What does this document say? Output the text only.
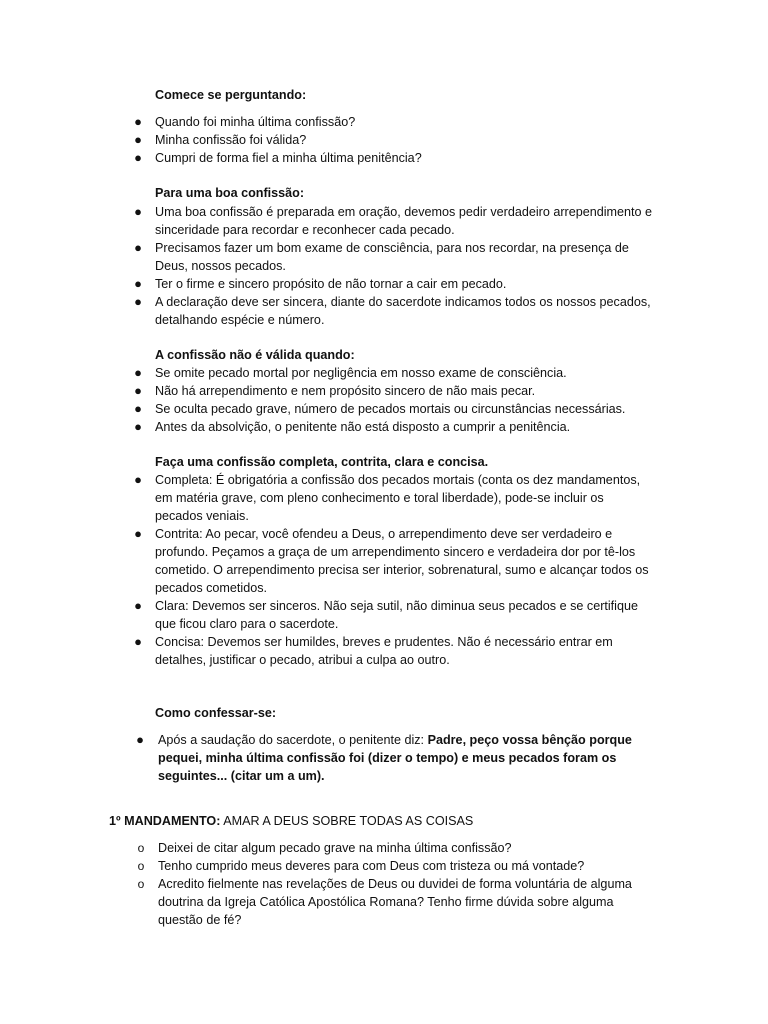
Comece se perguntando:
● Quando foi minha última confissão?
● Minha confissão foi válida?
● Cumpri de forma fiel a minha última penitência?
Para uma boa confissão:
● Uma boa confissão é preparada em oração, devemos pedir verdadeiro arrependimento e sinceridade para recordar e reconhecer cada pecado.
● Precisamos fazer um bom exame de consciência, para nos recordar, na presença de Deus, nossos pecados.
● Ter o firme e sincero propósito de não tornar a cair em pecado.
● A declaração deve ser sincera, diante do sacerdote indicamos todos os nossos pecados, detalhando espécie e número.
A confissão não é válida quando:
● Se omite pecado mortal por negligência em nosso exame de consciência.
● Não há arrependimento e nem propósito sincero de não mais pecar.
● Se oculta pecado grave, número de pecados mortais ou circunstâncias necessárias.
● Antes da absolvição, o penitente não está disposto a cumprir a penitência.
Faça uma confissão completa, contrita, clara e concisa.
● Completa: É obrigatória a confissão dos pecados mortais (conta os dez mandamentos, em matéria grave, com pleno conhecimento e toral liberdade), pode-se incluir os pecados veniais.
● Contrita: Ao pecar, você ofendeu a Deus, o arrependimento deve ser verdadeiro e profundo. Peçamos a graça de um arrependimento sincero e verdadeira dor por tê-los cometido. O arrependimento precisa ser interior, sobrenatural, sumo e alcançar todos os pecados cometidos.
● Clara: Devemos ser sinceros. Não seja sutil, não diminua seus pecados e se certifique que ficou claro para o sacerdote.
● Concisa: Devemos ser humildes, breves e prudentes. Não é necessário entrar em detalhes, justificar o pecado, atribui a culpa ao outro.
Como confessar-se:
● Após a saudação do sacerdote, o penitente diz: Padre, peço vossa bênção porque pequei, minha última confissão foi (dizer o tempo) e meus pecados foram os seguintes... (citar um a um).
1º MANDAMENTO: AMAR A DEUS SOBRE TODAS AS COISAS
o Deixei de citar algum pecado grave na minha última confissão?
o Tenho cumprido meus deveres para com Deus com tristeza ou má vontade?
o Acredito fielmente nas revelações de Deus ou duvidei de forma voluntária de alguma doutrina da Igreja Católica Apostólica Romana? Tenho firme dúvida sobre alguma questão de fé?
